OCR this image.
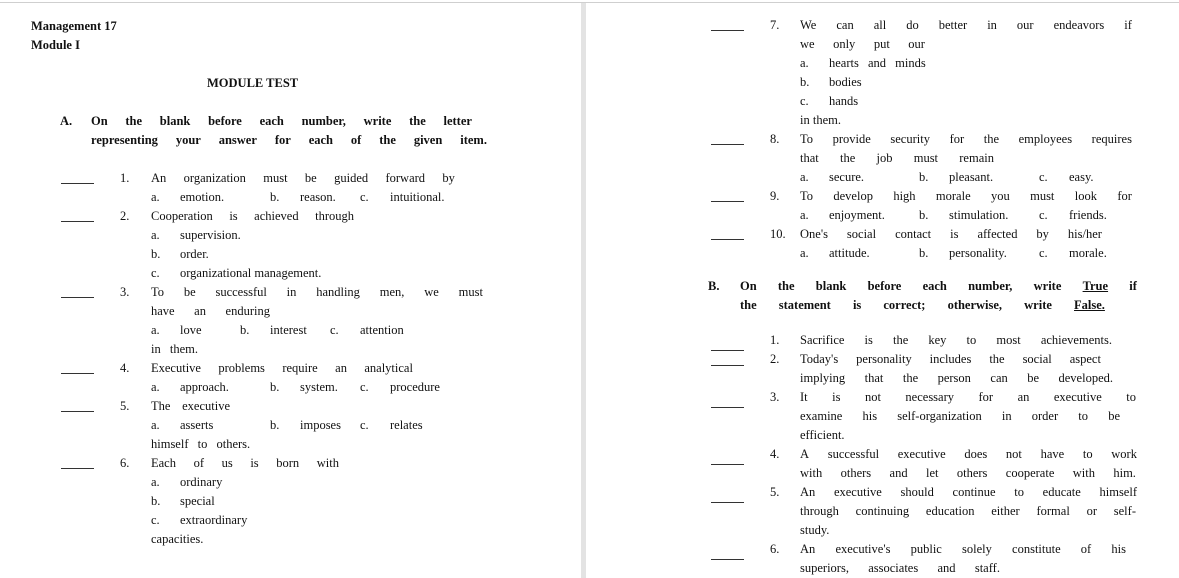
Management 17
Module I
MODULE TEST
A. On the blank before each number, write the letter
representing your answer for each of the given item.
1. An organization must be guided forward by
a. emotion.	b. reason. c. intuitional.
2. Cooperation is achieved through
a. supervision.
b. order.
c. organizational management.
3. To be successful in handling men, we must
have an enduring
a. love	b. interest c. attention
in them.
4. Executive problems require an analytical
a. approach.	b. system. c. procedure
5. The executive
a. asserts	b. imposes c. relates
himself to others.
6. Each of us is born with
a. ordinary
b. special
c. extraordinary
capacities.
7. We can all do better in our endeavors if
we only put our
a. hearts and minds
b. bodies
c. hands
in them.
8. To provide security for the employees requires
that the job must remain
a. secure.	b. pleasant.	c. easy.
9. To develop high morale you must look for
a. enjoyment.	b. stimulation. c. friends.
10. One's social contact is affected by his/her
a. attitude.	b. personality.	c. morale.
B. On the blank before each number, write True if
the statement is correct; otherwise, write False.
1. Sacrifice is the key to most achievements.
2. Today's personality includes the social aspect
implying that the person can be developed.
3. It is not necessary for an executive to
examine his self-organization in order to be
efficient.
4. A successful executive does not have to work
with others and let others cooperate with him.
5. An executive should continue to educate himself
through continuing education either formal or self-
study.
6. An executive's public solely constitute of his
superiors, associates and staff.
